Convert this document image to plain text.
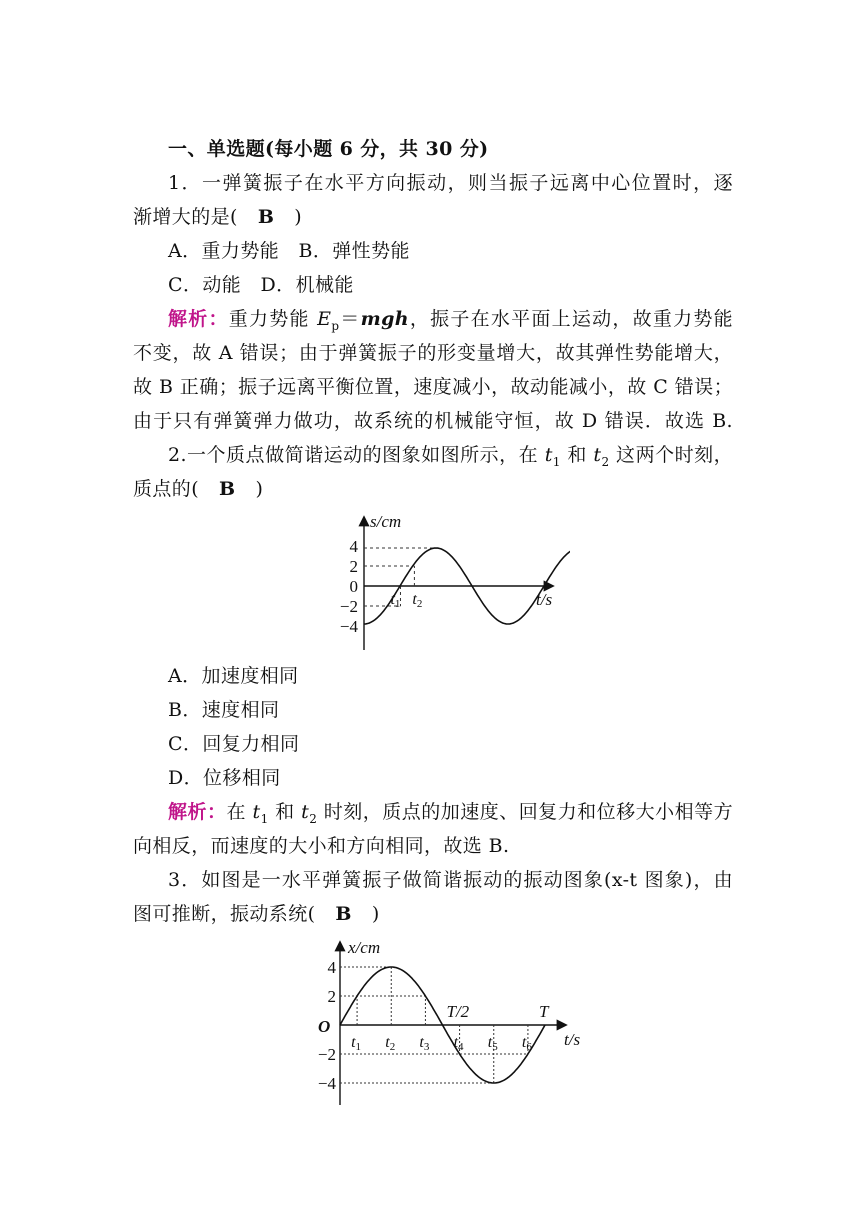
一、单选题(每小题 6 分，共 30 分)
1．一弹簧振子在水平方向振动，则当振子远离中心位置时，逐
渐增大的是( B )
A．重力势能　B．弹性势能
C．动能　D．机械能
解析：重力势能 $E_p=mgh$，振子在水平面上运动，故重力势能
不变，故 A 错误；由于弹簧振子的形变量增大，故其弹性势能增大，
故 B 正确；振子远离平衡位置，速度减小，故动能减小，故 C 错误；
由于只有弹簧弹力做功，故系统的机械能守恒，故 D 错误．故选 B.
2.一个质点做简谐运动的图象如图所示，在 $t_1$ 和 $t_2$ 这两个时刻，
质点的( B )
s/cm
t/s
4
2
0
−2
−4
t1 t2
A．加速度相同
B．速度相同
C．回复力相同
D．位移相同
解析：在 $t_1$ 和 $t_2$ 时刻，质点的加速度、回复力和位移大小相等方
向相反，而速度的大小和方向相同，故选 B.
3．如图是一水平弹簧振子做简谐振动的振动图象(x-t 图象)，由
图可推断，振动系统( B )
x/cm
t/s
O
4
2
−2
−4
t1 t2 t3 t4 t5 t6
T/2	T
